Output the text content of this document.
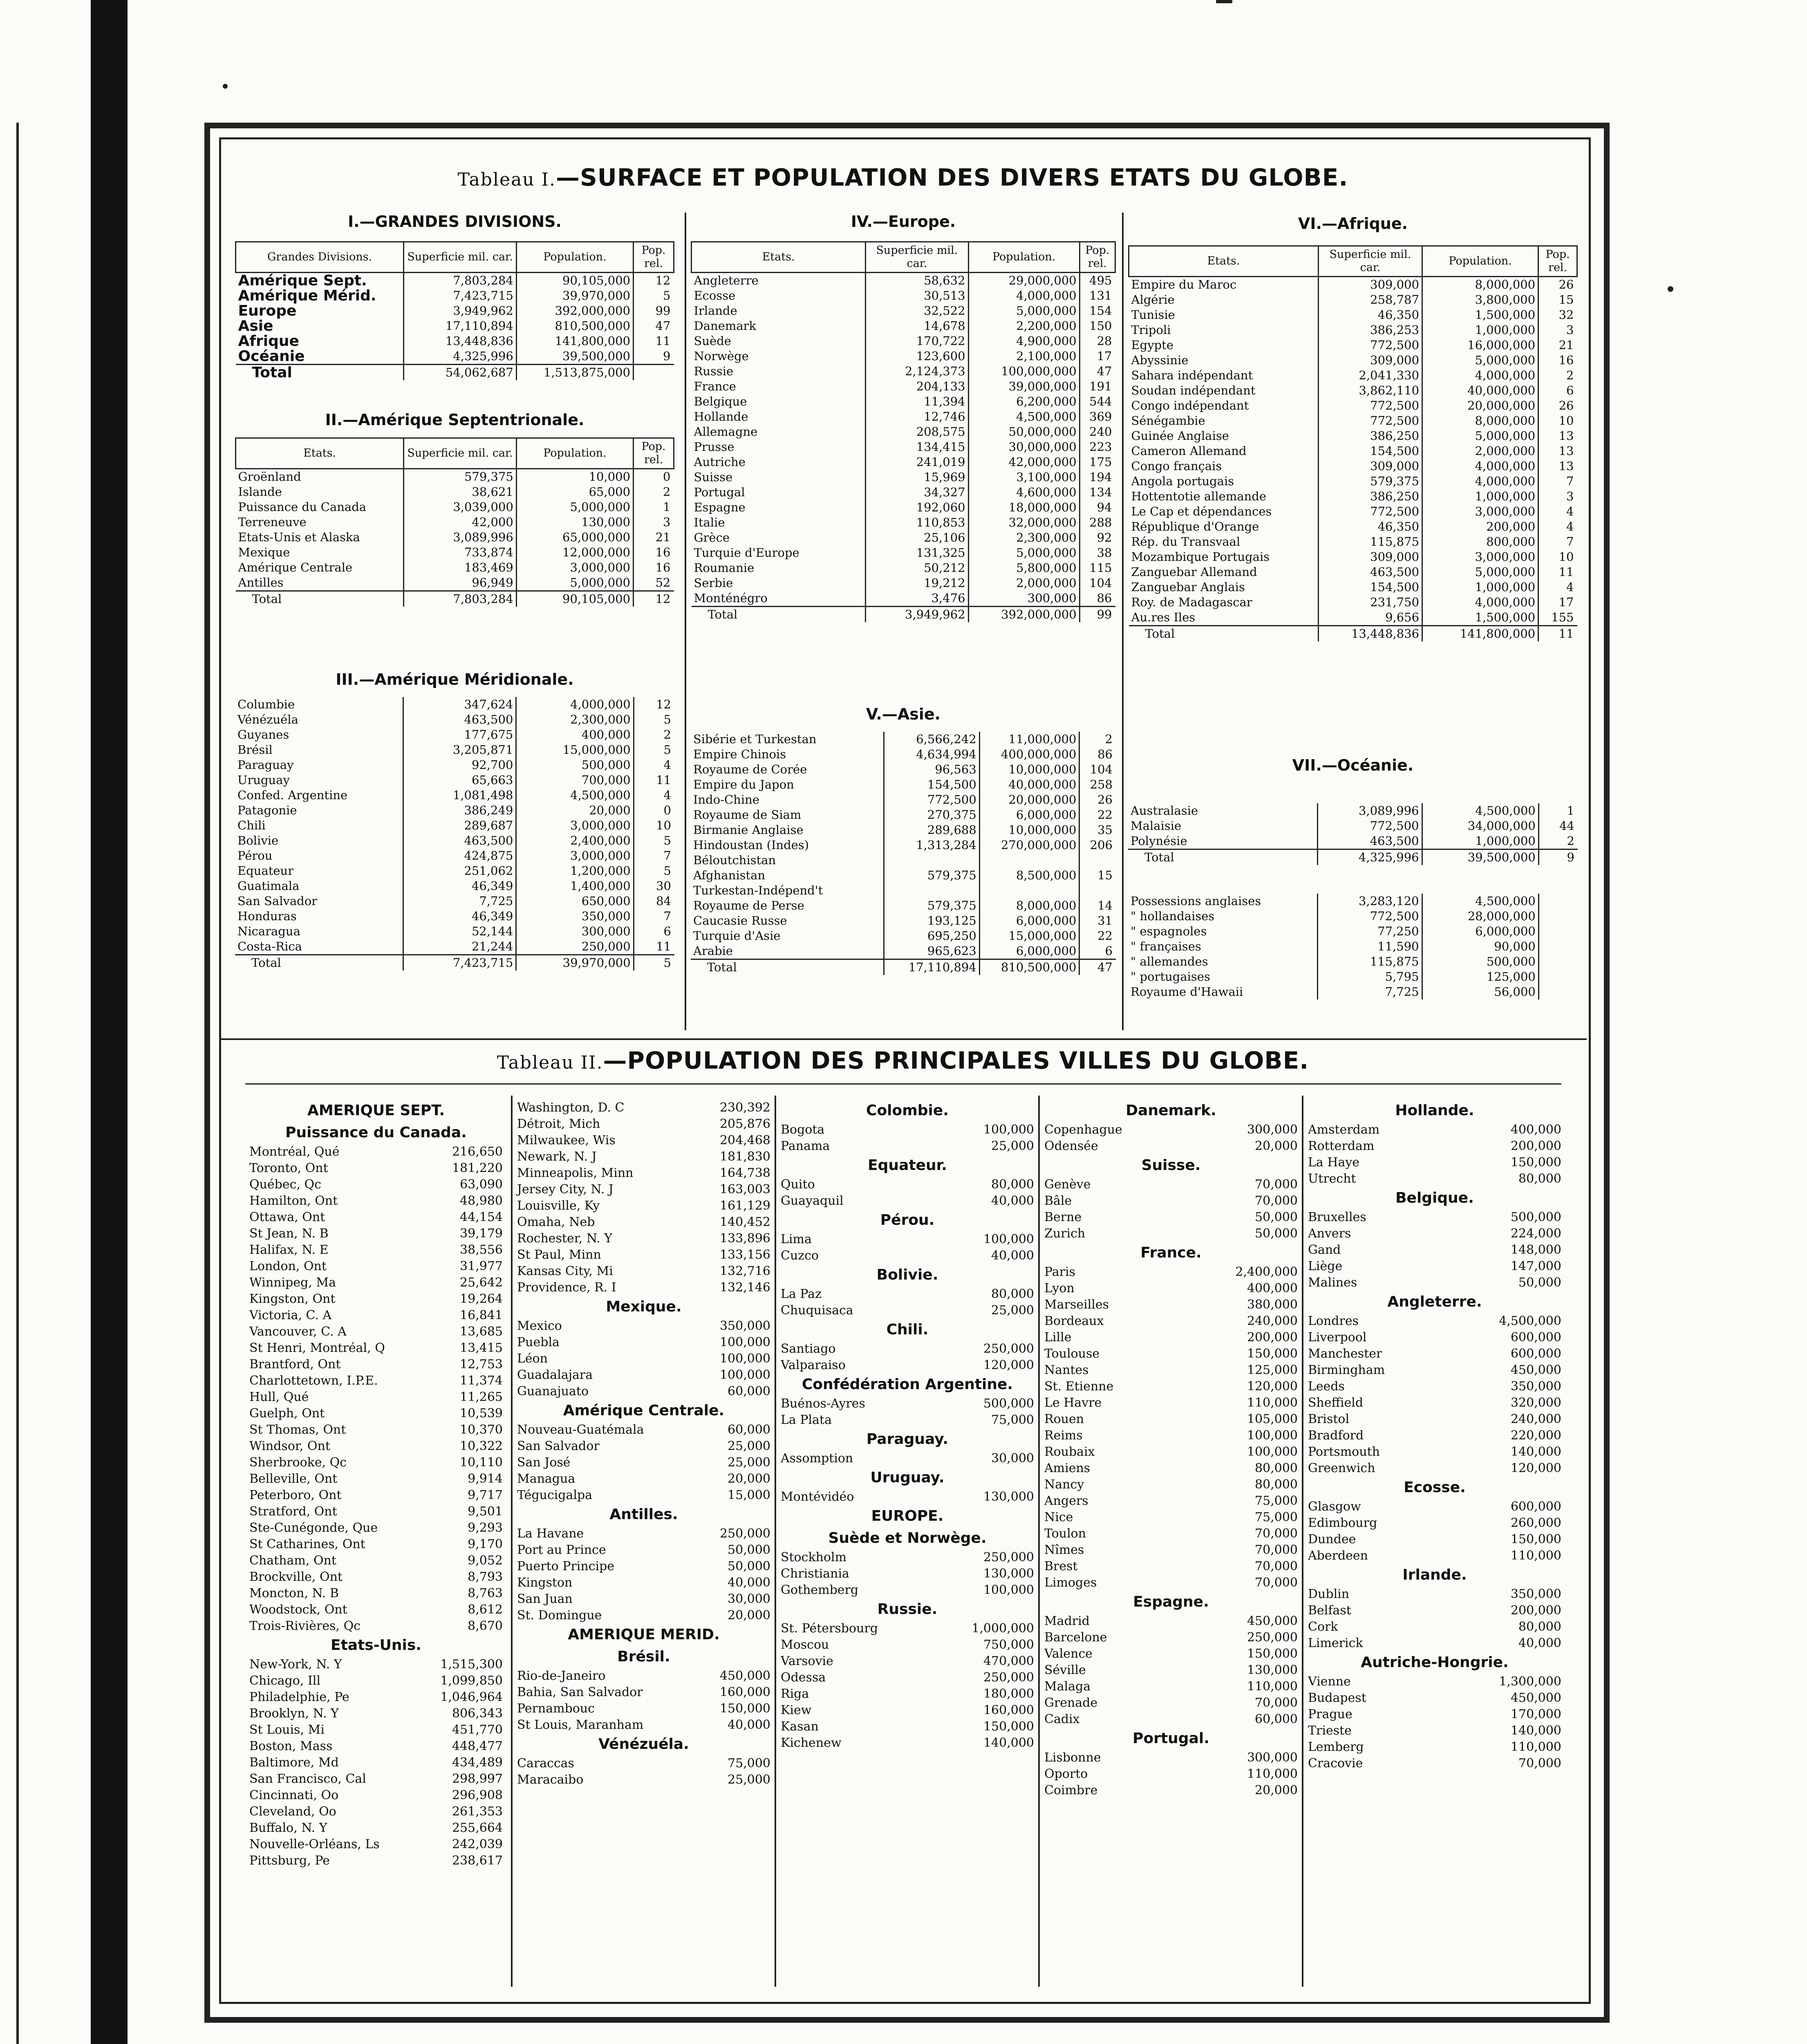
Tableau I.—SURFACE ET POPULATION DES DIVERS ETATS DU GLOBE.
I.—GRANDES DIVISIONS.
Grandes Divisions.	Superficie mil. car.	Population.	Pop. rel.
Amérique Sept.	7,803,284	90,105,000	12
Amérique Mérid.	7,423,715	39,970,000	5
Europe	3,949,962	392,000,000	99
Asie	17,110,894	810,500,000	47
Afrique	13,448,836	141,800,000	11
Océanie	4,325,996	39,500,000	9
Total	54,062,687	1,513,875,000	
II.—Amérique Septentrionale.
Etats.	Superficie mil. car.	Population.	Pop. rel.
Groënland	579,375	10,000	0
Islande	38,621	65,000	2
Puissance du Canada	3,039,000	5,000,000	1
Terreneuve	42,000	130,000	3
Etats-Unis et Alaska	3,089,996	65,000,000	21
Mexique	733,874	12,000,000	16
Amérique Centrale	183,469	3,000,000	16
Antilles	96,949	5,000,000	52
Total	7,803,284	90,105,000	12
III.—Amérique Méridionale.
Columbie	347,624	4,000,000	12
Vénézuéla	463,500	2,300,000	5
Guyanes	177,675	400,000	2
Brésil	3,205,871	15,000,000	5
Paraguay	92,700	500,000	4
Uruguay	65,663	700,000	11
Confed. Argentine	1,081,498	4,500,000	4
Patagonie	386,249	20,000	0
Chili	289,687	3,000,000	10
Bolivie	463,500	2,400,000	5
Pérou	424,875	3,000,000	7
Equateur	251,062	1,200,000	5
Guatimala	46,349	1,400,000	30
San Salvador	7,725	650,000	84
Honduras	46,349	350,000	7
Nicaragua	52,144	300,000	6
Costa-Rica	21,244	250,000	11
Total	7,423,715	39,970,000	5
IV.—Europe.
Etats.	Superficie mil. car.	Population.	Pop. rel.
Angleterre	58,632	29,000,000	495
Ecosse	30,513	4,000,000	131
Irlande	32,522	5,000,000	154
Danemark	14,678	2,200,000	150
Suède	170,722	4,900,000	28
Norwège	123,600	2,100,000	17
Russie	2,124,373	100,000,000	47
France	204,133	39,000,000	191
Belgique	11,394	6,200,000	544
Hollande	12,746	4,500,000	369
Allemagne	208,575	50,000,000	240
Prusse	134,415	30,000,000	223
Autriche	241,019	42,000,000	175
Suisse	15,969	3,100,000	194
Portugal	34,327	4,600,000	134
Espagne	192,060	18,000,000	94
Italie	110,853	32,000,000	288
Grèce	25,106	2,300,000	92
Turquie d'Europe	131,325	5,000,000	38
Roumanie	50,212	5,800,000	115
Serbie	19,212	2,000,000	104
Monténégro	3,476	300,000	86
Total	3,949,962	392,000,000	99
V.—Asie.
Sibérie et Turkestan	6,566,242	11,000,000	2
Empire Chinois	4,634,994	400,000,000	86
Royaume de Corée	96,563	10,000,000	104
Empire du Japon	154,500	40,000,000	258
Indo-Chine	772,500	20,000,000	26
Royaume de Siam	270,375	6,000,000	22
Birmanie Anglaise	289,688	10,000,000	35
Hindoustan (Indes)	1,313,284	270,000,000	206
Béloutchistan			
Afghanistan	579,375	8,500,000	15
Turkestan-Indépend't			
Royaume de Perse	579,375	8,000,000	14
Caucasie Russe	193,125	6,000,000	31
Turquie d'Asie	695,250	15,000,000	22
Arabie	965,623	6,000,000	6
Total	17,110,894	810,500,000	47
VI.—Afrique.
Etats.	Superficie mil. car.	Population.	Pop. rel.
Empire du Maroc	309,000	8,000,000	26
Algérie	258,787	3,800,000	15
Tunisie	46,350	1,500,000	32
Tripoli	386,253	1,000,000	3
Egypte	772,500	16,000,000	21
Abyssinie	309,000	5,000,000	16
Sahara indépendant	2,041,330	4,000,000	2
Soudan indépendant	3,862,110	40,000,000	6
Congo indépendant	772,500	20,000,000	26
Sénégambie	772,500	8,000,000	10
Guinée Anglaise	386,250	5,000,000	13
Cameron Allemand	154,500	2,000,000	13
Congo français	309,000	4,000,000	13
Angola portugais	579,375	4,000,000	7
Hottentotie allemande	386,250	1,000,000	3
Le Cap et dépendances	772,500	3,000,000	4
République d'Orange	46,350	200,000	4
Rép. du Transvaal	115,875	800,000	7
Mozambique Portugais	309,000	3,000,000	10
Zanguebar Allemand	463,500	5,000,000	11
Zanguebar Anglais	154,500	1,000,000	4
Roy. de Madagascar	231,750	4,000,000	17
Au.res Iles	9,656	1,500,000	155
Total	13,448,836	141,800,000	11
VII.—Océanie.
Australasie	3,089,996	4,500,000	1
Malaisie	772,500	34,000,000	44
Polynésie	463,500	1,000,000	2
Total	4,325,996	39,500,000	9

Possessions anglaises	3,283,120	4,500,000	
" hollandaises	772,500	28,000,000	
" espagnoles	77,250	6,000,000	
" françaises	11,590	90,000	
" allemandes	115,875	500,000	
" portugaises	5,795	125,000	
Royaume d'Hawaii	7,725	56,000	
Tableau II.—POPULATION DES PRINCIPALES VILLES DU GLOBE.
AMERIQUE SEPT.
Puissance du Canada.
Montréal, Qué	216,650
Toronto, Ont	181,220
Québec, Qc	63,090
Hamilton, Ont	48,980
Ottawa, Ont	44,154
St Jean, N. B	39,179
Halifax, N. E	38,556
London, Ont	31,977
Winnipeg, Ma	25,642
Kingston, Ont	19,264
Victoria, C. A	16,841
Vancouver, C. A	13,685
St Henri, Montréal, Q	13,415
Brantford, Ont	12,753
Charlottetown, I.P.E.	11,374
Hull, Qué	11,265
Guelph, Ont	10,539
St Thomas, Ont	10,370
Windsor, Ont	10,322
Sherbrooke, Qc	10,110
Belleville, Ont	9,914
Peterboro, Ont	9,717
Stratford, Ont	9,501
Ste-Cunégonde, Que	9,293
St Catharines, Ont	9,170
Chatham, Ont	9,052
Brockville, Ont	8,793
Moncton, N. B	8,763
Woodstock, Ont	8,612
Trois-Rivières, Qc	8,670
Etats-Unis.
New-York, N. Y	1,515,300
Chicago, Ill	1,099,850
Philadelphie, Pe	1,046,964
Brooklyn, N. Y	806,343
St Louis, Mi	451,770
Boston, Mass	448,477
Baltimore, Md	434,489
San Francisco, Cal	298,997
Cincinnati, Oo	296,908
Cleveland, Oo	261,353
Buffalo, N. Y	255,664
Nouvelle-Orléans, Ls	242,039
Pittsburg, Pe	238,617
Washington, D. C	230,392
Détroit, Mich	205,876
Milwaukee, Wis	204,468
Newark, N. J	181,830
Minneapolis, Minn	164,738
Jersey City, N. J	163,003
Louisville, Ky	161,129
Omaha, Neb	140,452
Rochester, N. Y	133,896
St Paul, Minn	133,156
Kansas City, Mi	132,716
Providence, R. I	132,146
Mexique.
Mexico	350,000
Puebla	100,000
Léon	100,000
Guadalajara	100,000
Guanajuato	60,000
Amérique Centrale.
Nouveau-Guatémala	60,000
San Salvador	25,000
San José	25,000
Managua	20,000
Tégucigalpa	15,000
Antilles.
La Havane	250,000
Port au Prince	50,000
Puerto Principe	50,000
Kingston	40,000
San Juan	30,000
St. Domingue	20,000
AMERIQUE MERID.
Brésil.
Rio-de-Janeiro	450,000
Bahia, San Salvador	160,000
Pernambouc	150,000
St Louis, Maranham	40,000
Vénézuéla.
Caraccas	75,000
Maracaibo	25,000
Colombie.
Bogota	100,000
Panama	25,000
Equateur.
Quito	80,000
Guayaquil	40,000
Pérou.
Lima	100,000
Cuzco	40,000
Bolivie.
La Paz	80,000
Chuquisaca	25,000
Chili.
Santiago	250,000
Valparaiso	120,000
Confédération Argentine.
Buénos-Ayres	500,000
La Plata	75,000
Paraguay.
Assomption	30,000
Uruguay.
Montévidéo	130,000
EUROPE.
Suède et Norwège.
Stockholm	250,000
Christiania	130,000
Gothemberg	100,000
Russie.
St. Pétersbourg	1,000,000
Moscou	750,000
Varsovie	470,000
Odessa	250,000
Riga	180,000
Kiew	160,000
Kasan	150,000
Kichenew	140,000
Danemark.
Copenhague	300,000
Odensée	20,000
Suisse.
Genève	70,000
Bâle	70,000
Berne	50,000
Zurich	50,000
France.
Paris	2,400,000
Lyon	400,000
Marseilles	380,000
Bordeaux	240,000
Lille	200,000
Toulouse	150,000
Nantes	125,000
St. Etienne	120,000
Le Havre	110,000
Rouen	105,000
Reims	100,000
Roubaix	100,000
Amiens	80,000
Nancy	80,000
Angers	75,000
Nice	75,000
Toulon	70,000
Nîmes	70,000
Brest	70,000
Limoges	70,000
Espagne.
Madrid	450,000
Barcelone	250,000
Valence	150,000
Séville	130,000
Malaga	110,000
Grenade	70,000
Cadix	60,000
Portugal.
Lisbonne	300,000
Oporto	110,000
Coimbre	20,000
Hollande.
Amsterdam	400,000
Rotterdam	200,000
La Haye	150,000
Utrecht	80,000
Belgique.
Bruxelles	500,000
Anvers	224,000
Gand	148,000
Liège	147,000
Malines	50,000
Angleterre.
Londres	4,500,000
Liverpool	600,000
Manchester	600,000
Birmingham	450,000
Leeds	350,000
Sheffield	320,000
Bristol	240,000
Bradford	220,000
Portsmouth	140,000
Greenwich	120,000
Ecosse.
Glasgow	600,000
Edimbourg	260,000
Dundee	150,000
Aberdeen	110,000
Irlande.
Dublin	350,000
Belfast	200,000
Cork	80,000
Limerick	40,000
Autriche-Hongrie.
Vienne	1,300,000
Budapest	450,000
Prague	170,000
Trieste	140,000
Lemberg	110,000
Cracovie	70,000
